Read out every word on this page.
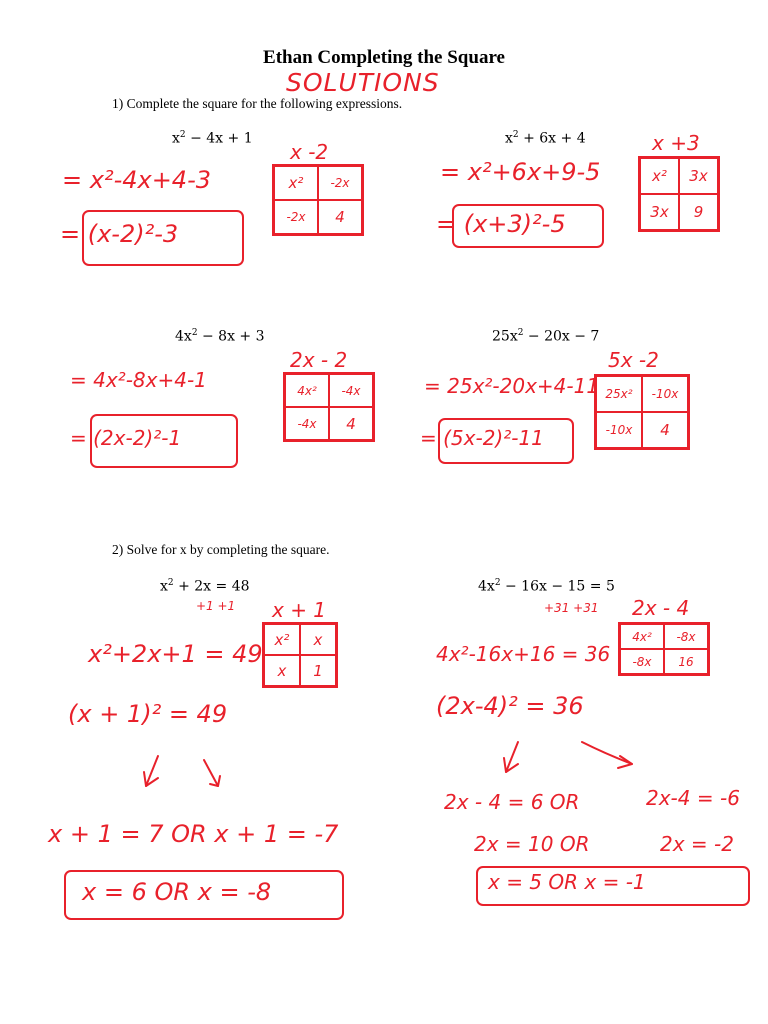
Ethan Completing the Square
SOLUTIONS
1) Complete the square for the following expressions.
$x^2 - 4x + 1$
= x²-4x+4-3
= (x-2)²-3
x -2
x²	-2x
-2x	4
$x^2 + 6x + 4$
= x²+6x+9-5
= (x+3)²-5
x +3
x²	3x
3x	9
$4x^2 - 8x + 3$
= 4x²-8x+4-1
= (2x-2)²-1
2x - 2
4x²	-4x
-4x	4
$25x^2 - 20x - 7$
= 25x²-20x+4-11
= (5x-2)²-11
5x -2
25x²	-10x
-10x	4
2) Solve for x by completing the square.
$x^2 + 2x = 48$
+1 +1
x²+2x+1 = 49
x + 1
x²	x
x	1
(x + 1)² = 49
x + 1 = 7 OR x + 1 = -7
x = 6 OR x = -8
$4x^2 - 16x - 15 = 5$
+31 +31
4x²-16x+16 = 36
2x - 4
4x²	-8x
-8x	16
(2x-4)² = 36
2x - 4 = 6 OR	2x-4 = -6
2x = 10 OR	2x = -2
x = 5 OR x = -1
